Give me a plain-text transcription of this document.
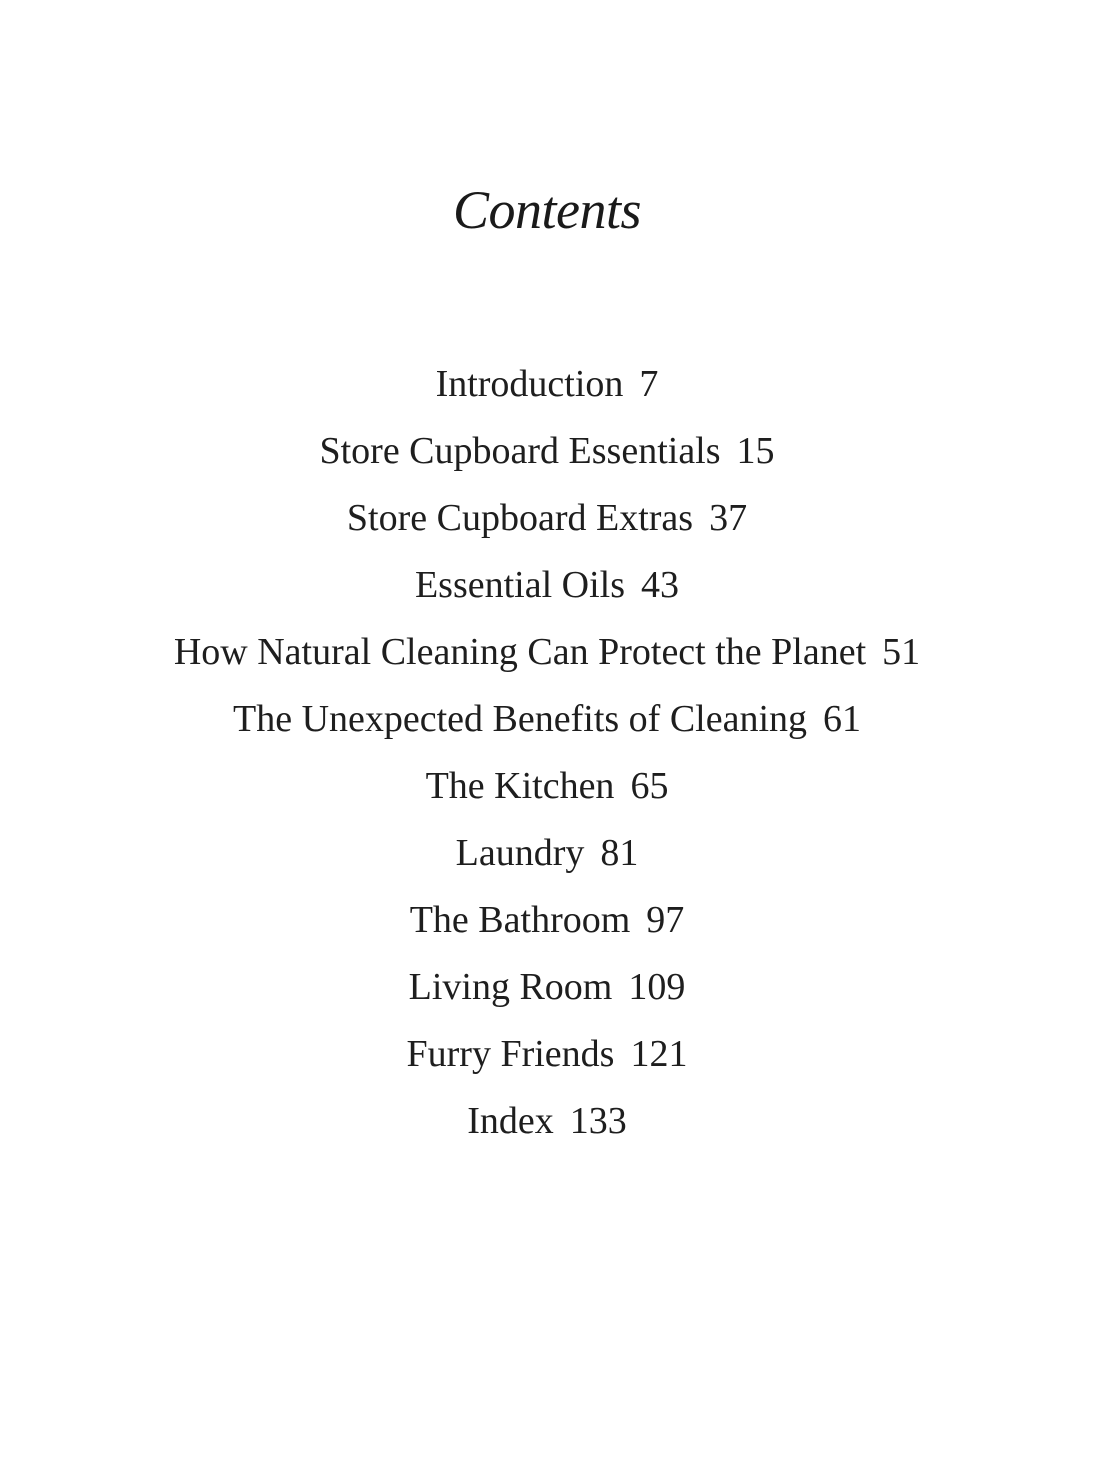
Contents
Introduction 7
Store Cupboard Essentials 15
Store Cupboard Extras 37
Essential Oils 43
How Natural Cleaning Can Protect the Planet 51
The Unexpected Benefits of Cleaning 61
The Kitchen 65
Laundry 81
The Bathroom 97
Living Room 109
Furry Friends 121
Index 133
